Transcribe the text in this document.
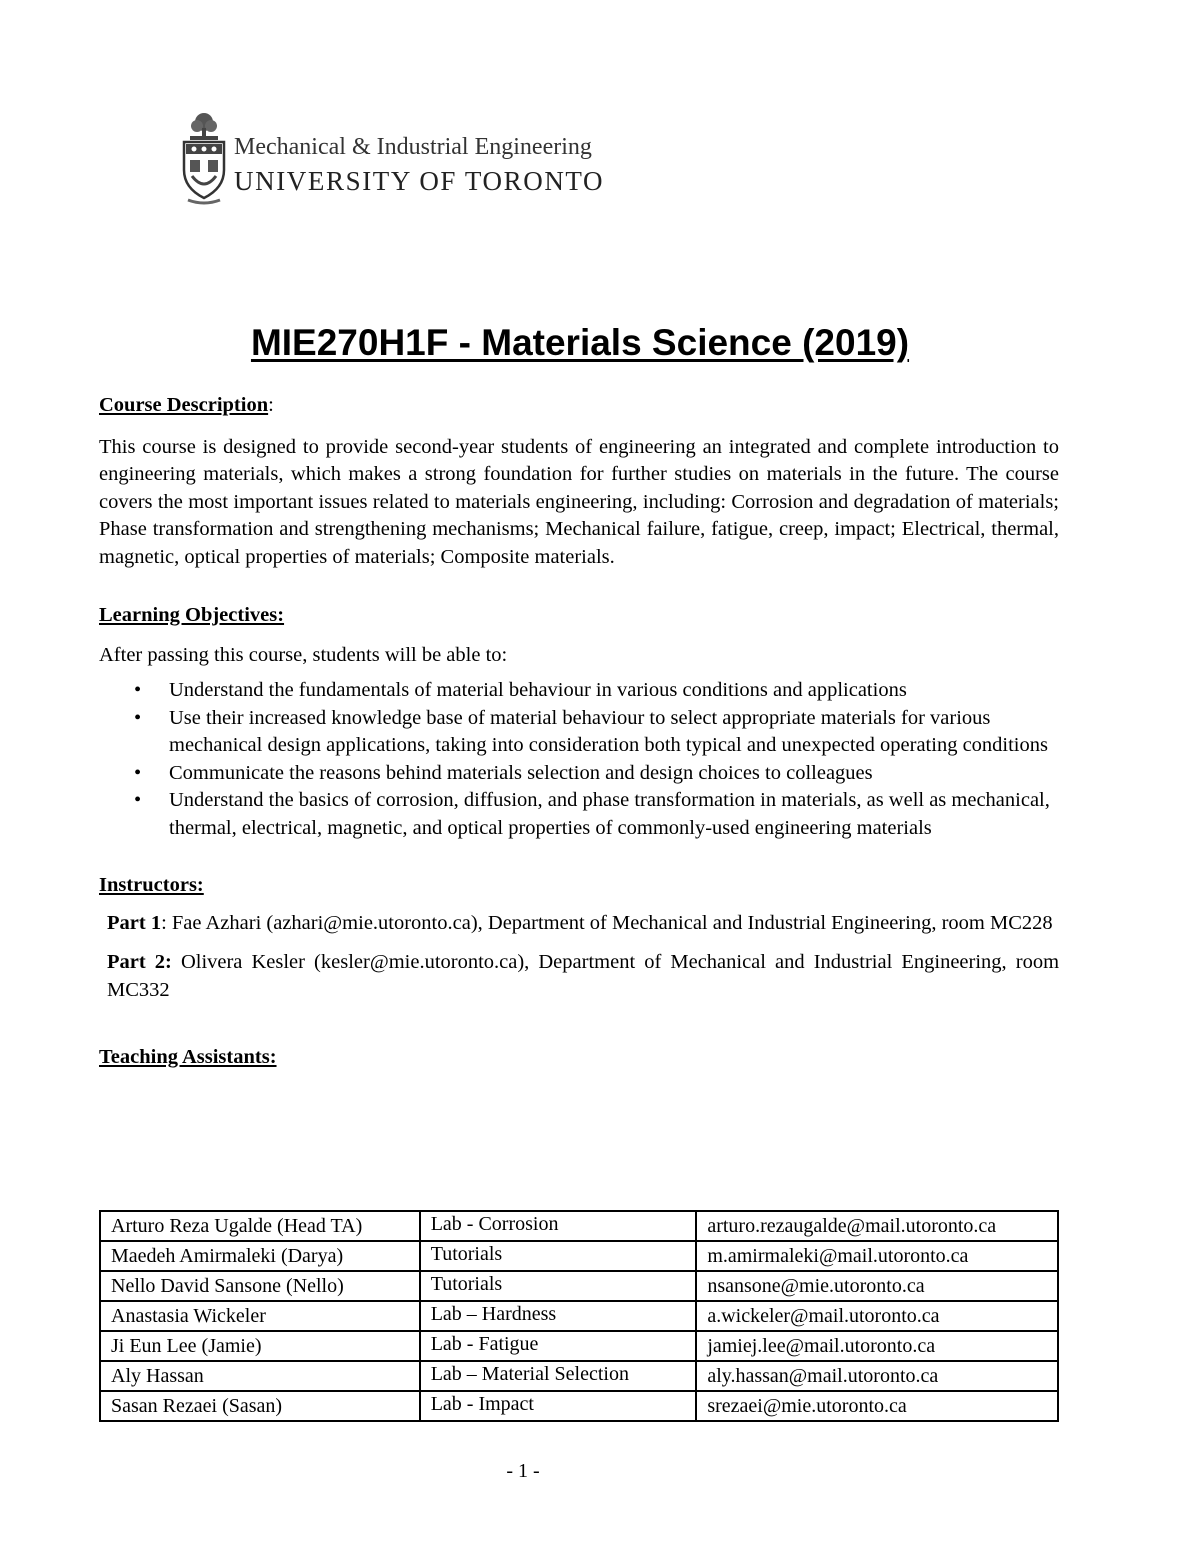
Mechanical & Industrial Engineering
UNIVERSITY OF TORONTO
MIE270H1F - Materials Science (2019)

Course Description:

This course is designed to provide second-year students of engineering an integrated and complete introduction to engineering materials, which makes a strong foundation for further studies on materials in the future. The course covers the most important issues related to materials engineering, including: Corrosion and degradation of materials; Phase transformation and strengthening mechanisms; Mechanical failure, fatigue, creep, impact; Electrical, thermal, magnetic, optical properties of materials; Composite materials.

Learning Objectives:

After passing this course, students will be able to:

• Understand the fundamentals of material behaviour in various conditions and applications
• Use their increased knowledge base of material behaviour to select appropriate materials for various mechanical design applications, taking into consideration both typical and unexpected operating conditions
• Communicate the reasons behind materials selection and design choices to colleagues
• Understand the basics of corrosion, diffusion, and phase transformation in materials, as well as mechanical, thermal, electrical, magnetic, and optical properties of commonly-used engineering materials

Instructors:

Part 1: Fae Azhari (azhari@mie.utoronto.ca), Department of Mechanical and Industrial Engineering, room MC228

Part 2: Olivera Kesler (kesler@mie.utoronto.ca), Department of Mechanical and Industrial Engineering, room MC332

Teaching Assistants:

Arturo Reza Ugalde (Head TA)	Lab - Corrosion	arturo.rezaugalde@mail.utoronto.ca
Maedeh Amirmaleki (Darya)	Tutorials	m.amirmaleki@mail.utoronto.ca
Nello David Sansone (Nello)	Tutorials	nsansone@mie.utoronto.ca
Anastasia Wickeler	Lab – Hardness	a.wickeler@mail.utoronto.ca
Ji Eun Lee (Jamie)	Lab - Fatigue	jamiej.lee@mail.utoronto.ca
Aly Hassan	Lab – Material Selection	aly.hassan@mail.utoronto.ca
Sasan Rezaei (Sasan)	Lab - Impact	srezaei@mie.utoronto.ca
- 1 -
